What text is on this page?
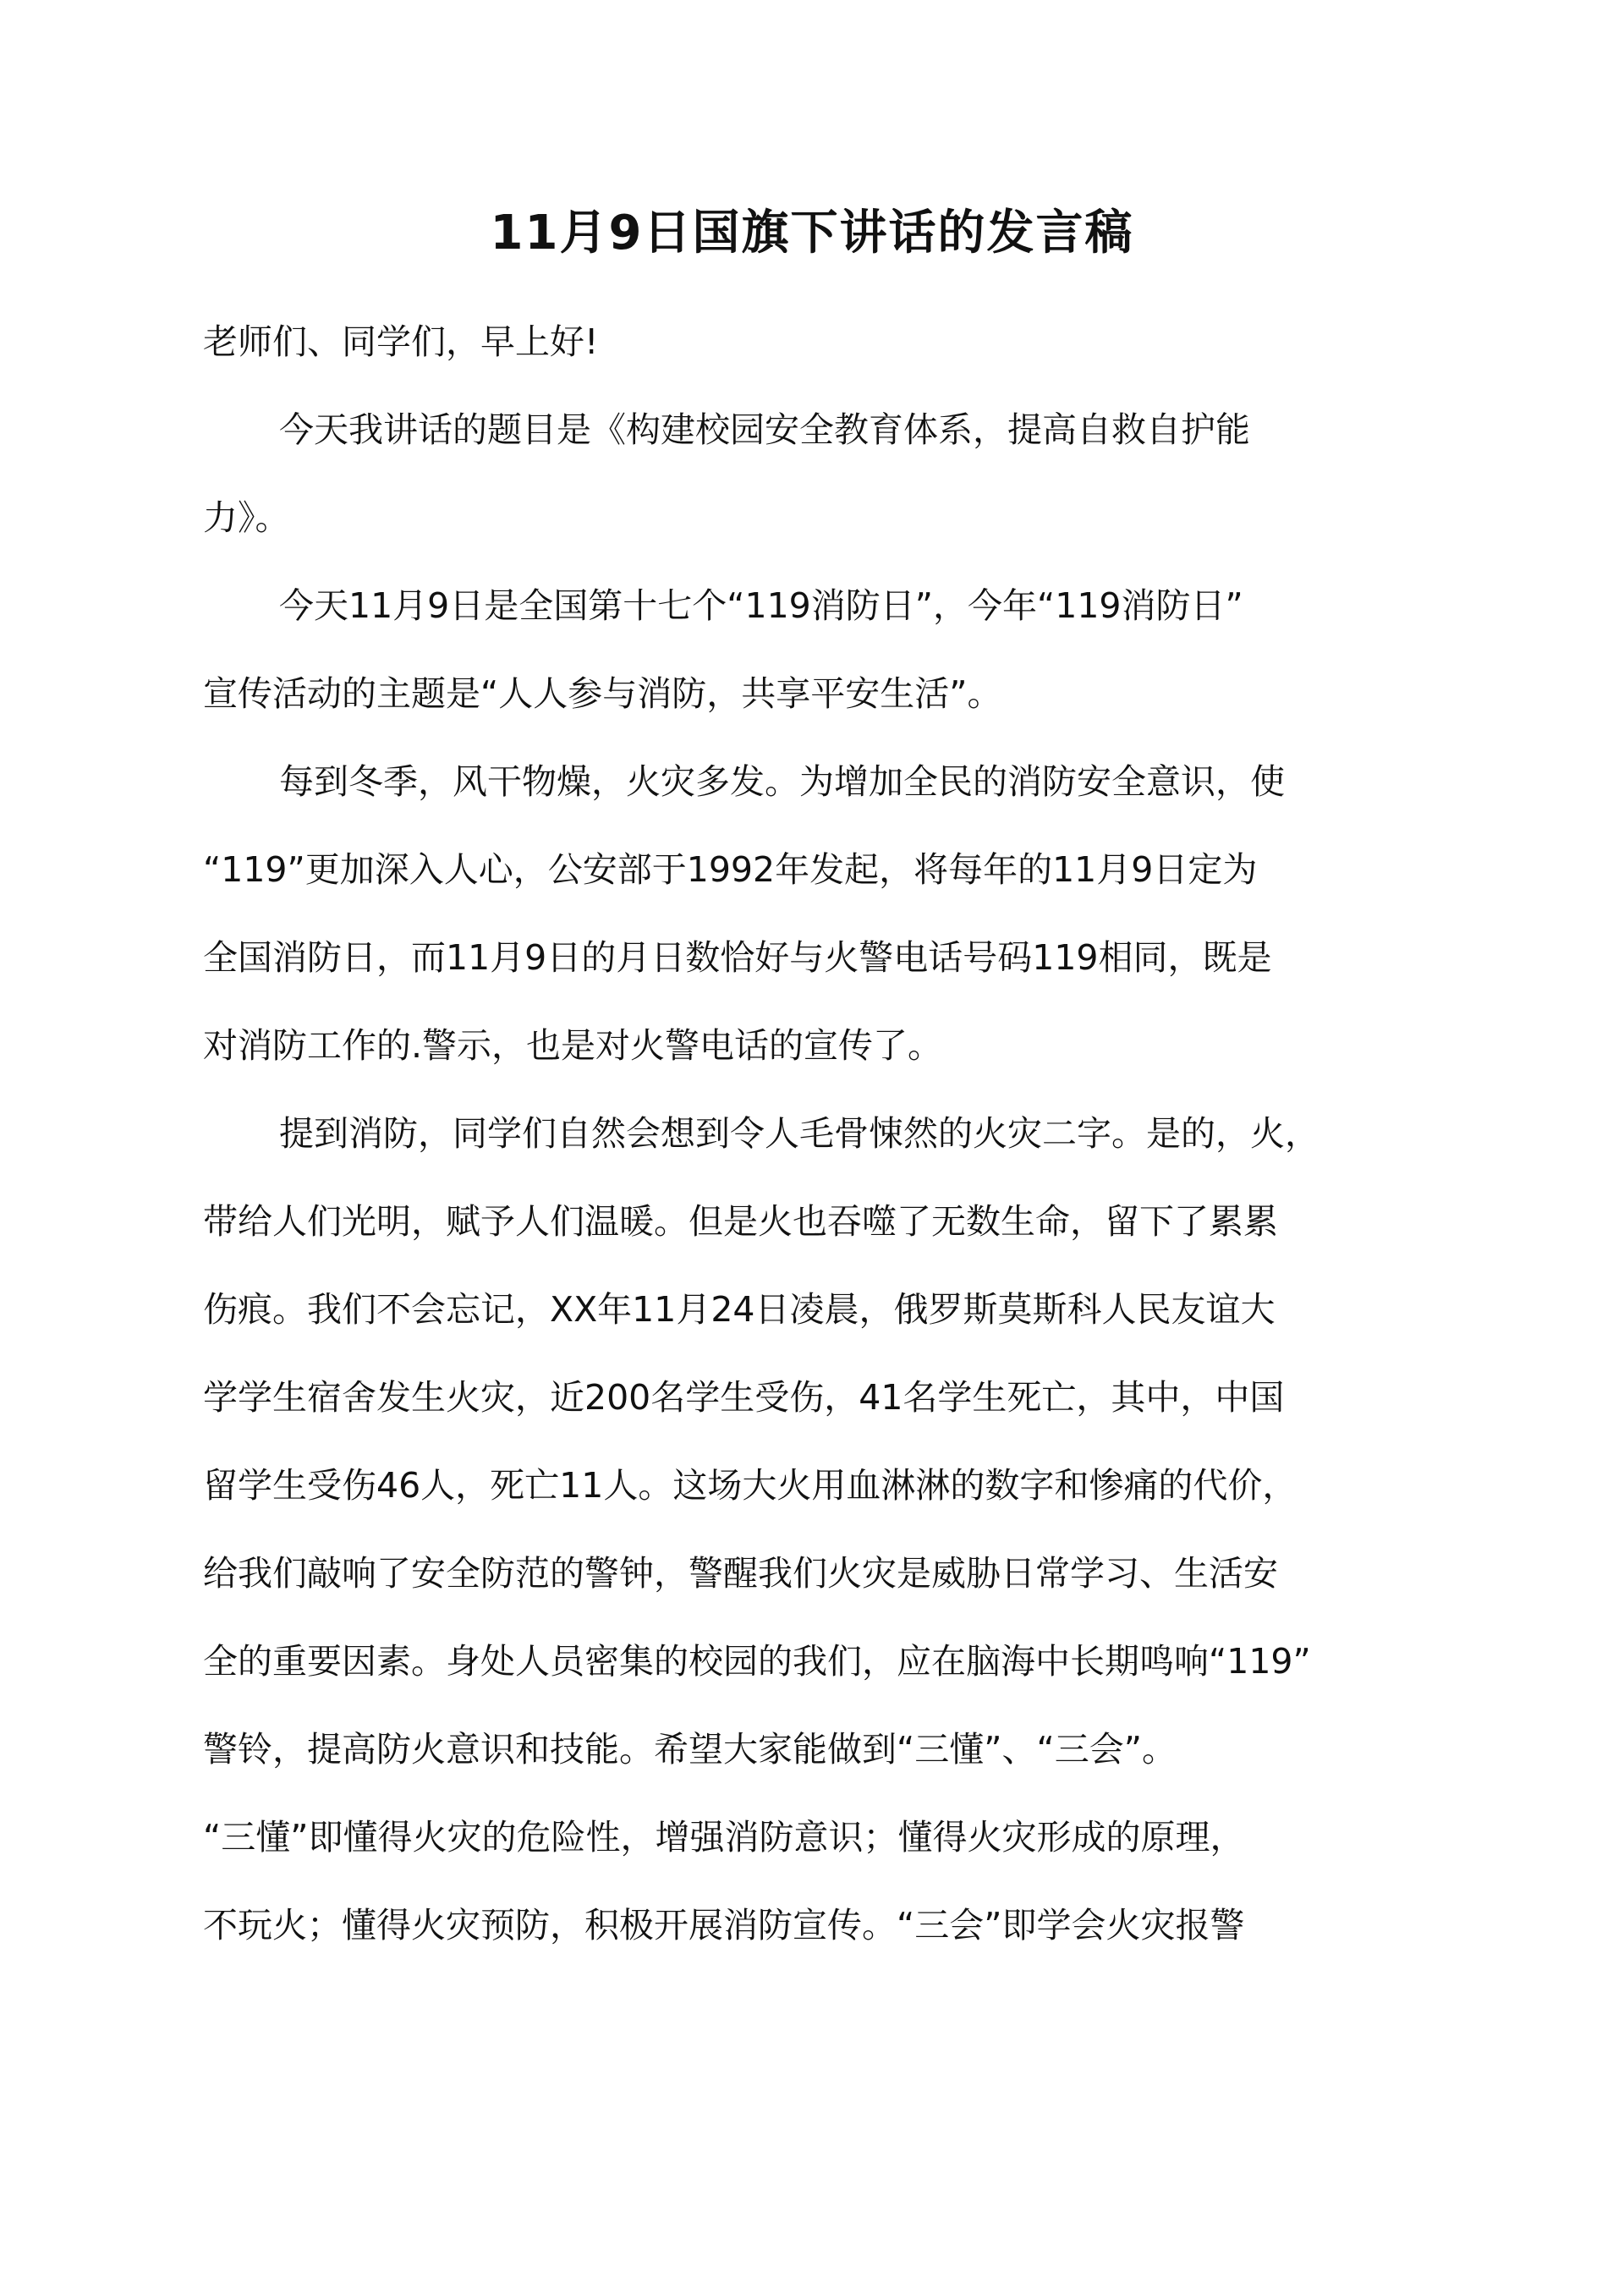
11月9日国旗下讲话的发言稿
老师们、同学们，早上好!
今天我讲话的题目是《构建校园安全教育体系，提高自救自护能
力》。
今天11月9日是全国第十七个“119消防日”，今年“119消防日”
宣传活动的主题是“人人参与消防，共享平安生活”。
每到冬季，风干物燥，火灾多发。为增加全民的消防安全意识，使
“119”更加深入人心，公安部于1992年发起，将每年的11月9日定为
全国消防日，而11月9日的月日数恰好与火警电话号码119相同，既是
对消防工作的.警示，也是对火警电话的宣传了。
提到消防，同学们自然会想到令人毛骨悚然的火灾二字。是的，火，
带给人们光明，赋予人们温暖。但是火也吞噬了无数生命，留下了累累
伤痕。我们不会忘记，XX年11月24日凌晨，俄罗斯莫斯科人民友谊大
学学生宿舍发生火灾，近200名学生受伤，41名学生死亡，其中，中国
留学生受伤46人，死亡11人。这场大火用血淋淋的数字和惨痛的代价，
给我们敲响了安全防范的警钟，警醒我们火灾是威胁日常学习、生活安
全的重要因素。身处人员密集的校园的我们，应在脑海中长期鸣响“119”
警铃，提高防火意识和技能。希望大家能做到“三懂”、“三会”。
“三懂”即懂得火灾的危险性，增强消防意识；懂得火灾形成的原理，
不玩火；懂得火灾预防，积极开展消防宣传。“三会”即学会火灾报警
